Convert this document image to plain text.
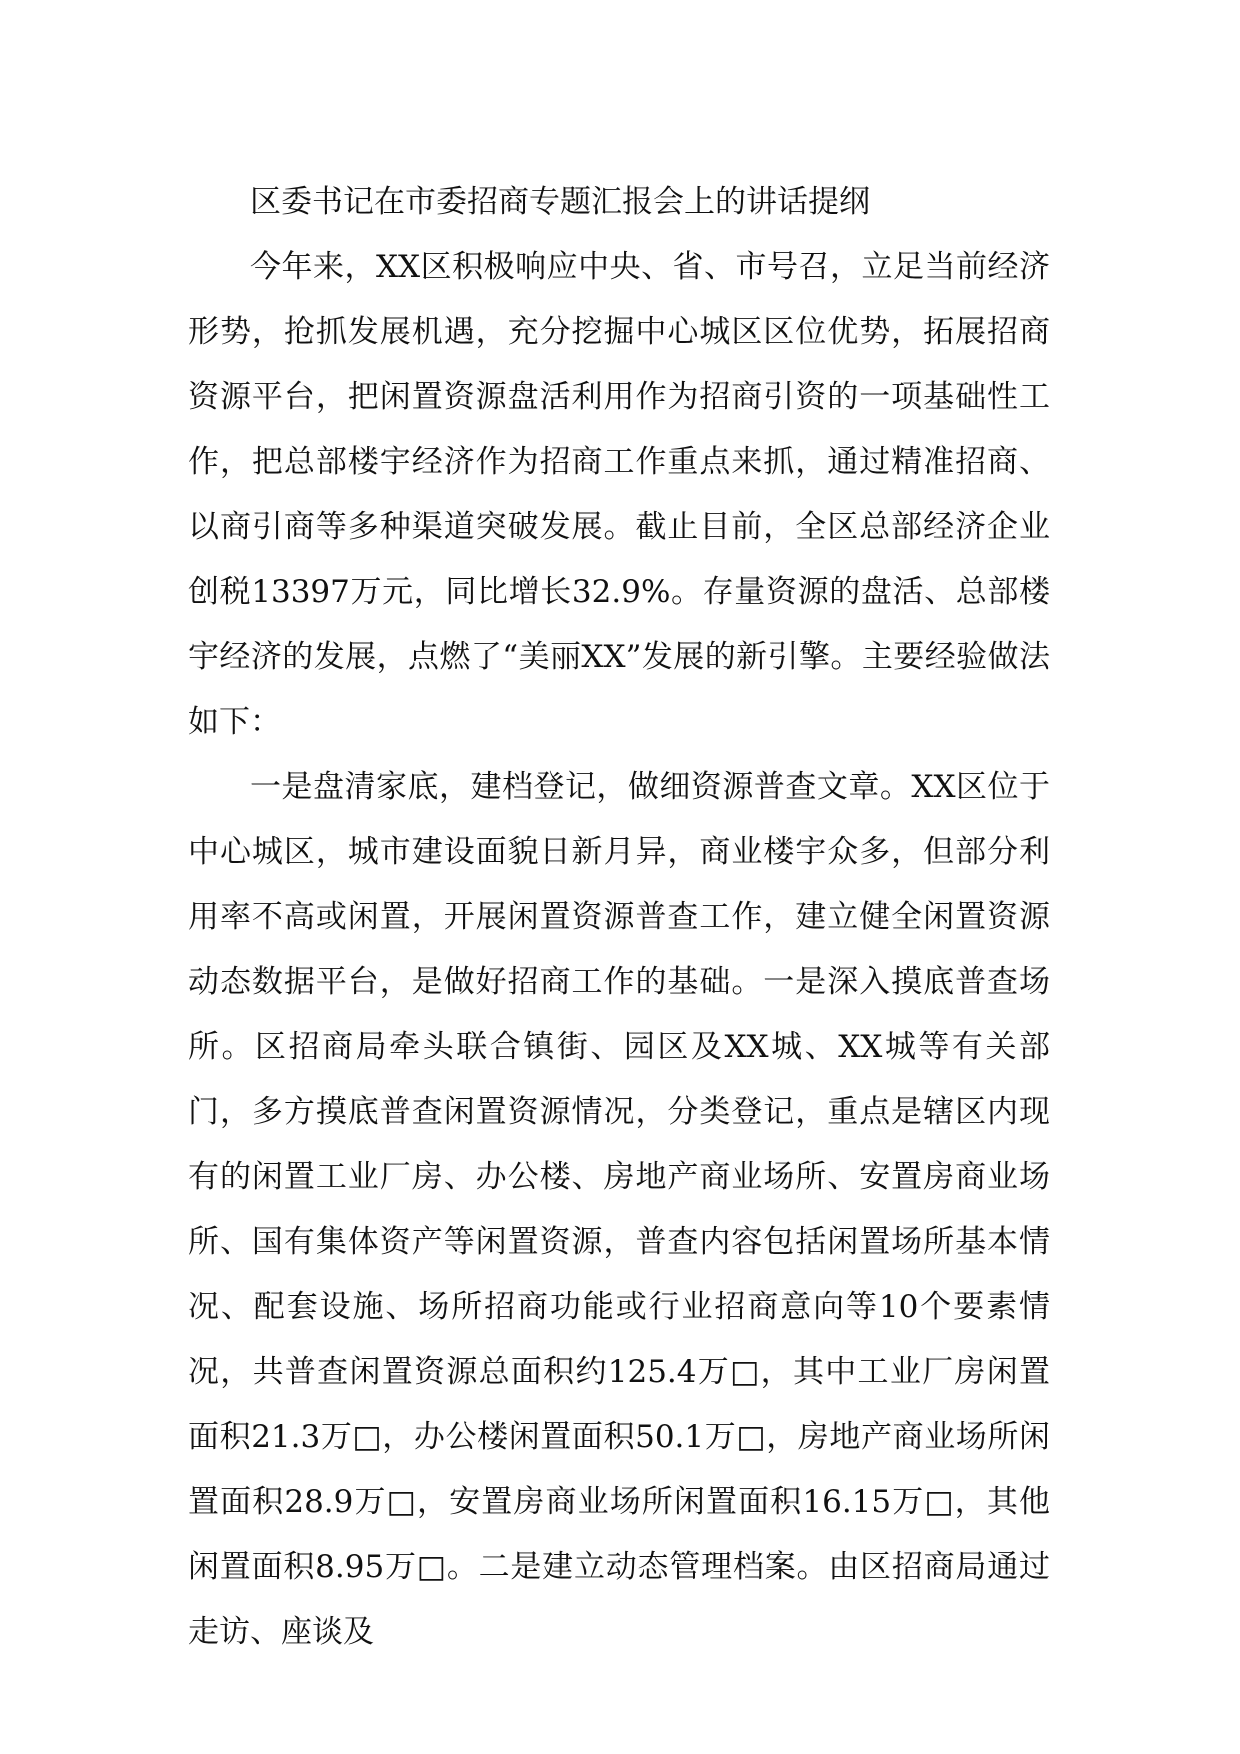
区委书记在市委招商专题汇报会上的讲话提纲

今年来，XX区积极响应中央、省、市号召，立足当前经济形势，抢抓发展机遇，充分挖掘中心城区区位优势，拓展招商资源平台，把闲置资源盘活利用作为招商引资的一项基础性工作，把总部楼宇经济作为招商工作重点来抓，通过精准招商、以商引商等多种渠道突破发展。截止目前，全区总部经济企业创税13397万元，同比增长32.9%。存量资源的盘活、总部楼宇经济的发展，点燃了“美丽XX”发展的新引擎。主要经验做法如下：

一是盘清家底，建档登记，做细资源普查文章。XX区位于中心城区，城市建设面貌日新月异，商业楼宇众多，但部分利用率不高或闲置，开展闲置资源普查工作，建立健全闲置资源动态数据平台，是做好招商工作的基础。一是深入摸底普查场所。区招商局牵头联合镇街、园区及XX城、XX城等有关部门，多方摸底普查闲置资源情况，分类登记，重点是辖区内现有的闲置工业厂房、办公楼、房地产商业场所、安置房商业场所、国有集体资产等闲置资源，普查内容包括闲置场所基本情况、配套设施、场所招商功能或行业招商意向等10个要素情况，共普查闲置资源总面积约125.4万□，其中工业厂房闲置面积21.3万□，办公楼闲置面积50.1万□，房地产商业场所闲置面积28.9万□，安置房商业场所闲置面积16.15万□，其他闲置面积8.95万□。二是建立动态管理档案。由区招商局通过走访、座谈及
